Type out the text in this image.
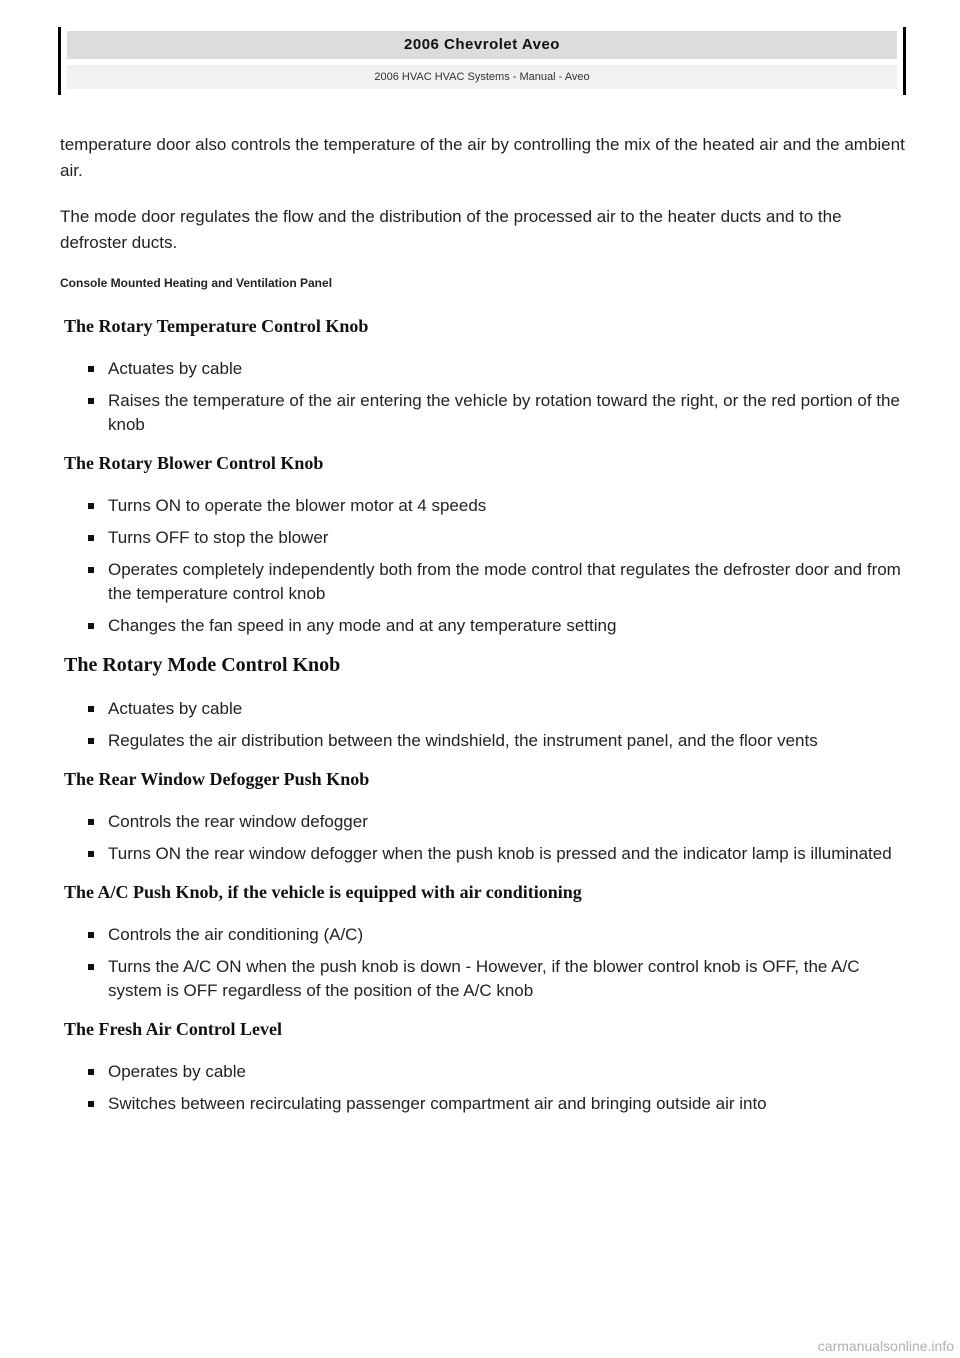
2006 Chevrolet Aveo
2006 HVAC HVAC Systems - Manual - Aveo

temperature door also controls the temperature of the air by controlling the mix of the heated air and the ambient air.

The mode door regulates the flow and the distribution of the processed air to the heater ducts and to the defroster ducts.

Console Mounted Heating and Ventilation Panel
The Rotary Temperature Control Knob
Actuates by cable
Raises the temperature of the air entering the vehicle by rotation toward the right, or the red portion of the knob
The Rotary Blower Control Knob
Turns ON to operate the blower motor at 4 speeds
Turns OFF to stop the blower
Operates completely independently both from the mode control that regulates the defroster door and from the temperature control knob
Changes the fan speed in any mode and at any temperature setting
The Rotary Mode Control Knob
Actuates by cable
Regulates the air distribution between the windshield, the instrument panel, and the floor vents
The Rear Window Defogger Push Knob
Controls the rear window defogger
Turns ON the rear window defogger when the push knob is pressed and the indicator lamp is illuminated
The A/C Push Knob, if the vehicle is equipped with air conditioning
Controls the air conditioning (A/C)
Turns the A/C ON when the push knob is down - However, if the blower control knob is OFF, the A/C system is OFF regardless of the position of the A/C knob
The Fresh Air Control Level
Operates by cable
Switches between recirculating passenger compartment air and bringing outside air into
carmanualsonline.info
